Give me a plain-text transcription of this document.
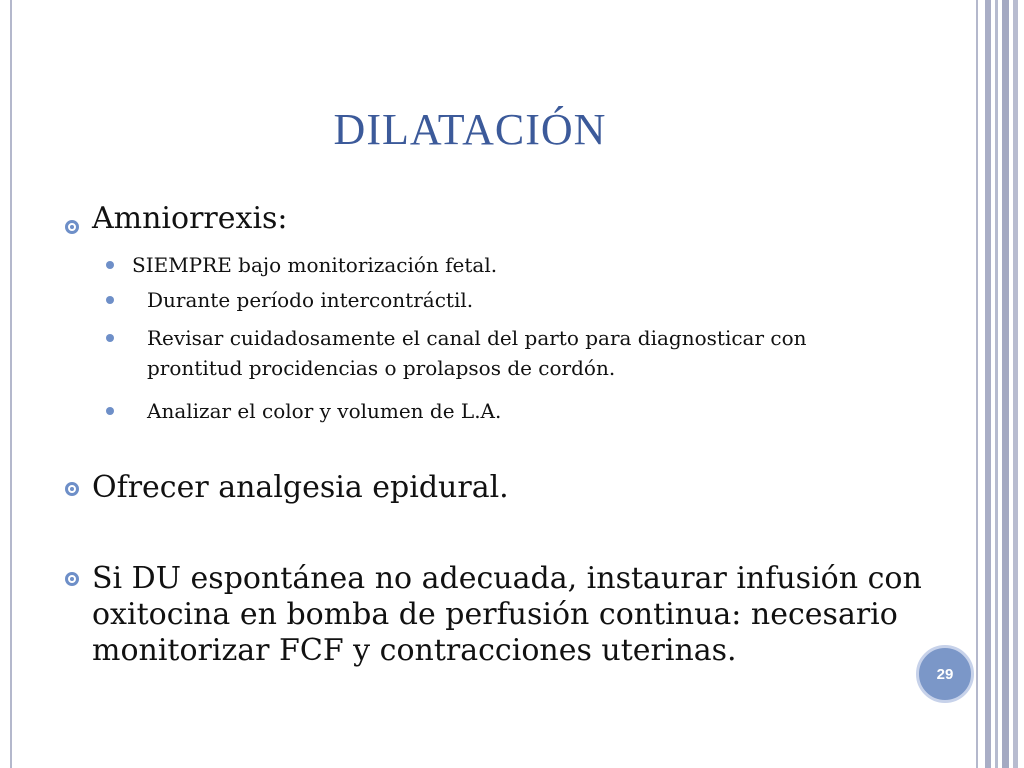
DILATACIÓN
Amniorrexis:
SIEMPRE bajo monitorización fetal.
Durante período intercontráctil.
Revisar cuidadosamente el canal del parto para diagnosticar con
prontitud procidencias o prolapsos de cordón.
Analizar el color y volumen de L.A.
Ofrecer analgesia epidural.
Si DU espontánea no adecuada, instaurar infusión con
oxitocina en bomba de perfusión continua: necesario
monitorizar FCF y contracciones uterinas.
29
